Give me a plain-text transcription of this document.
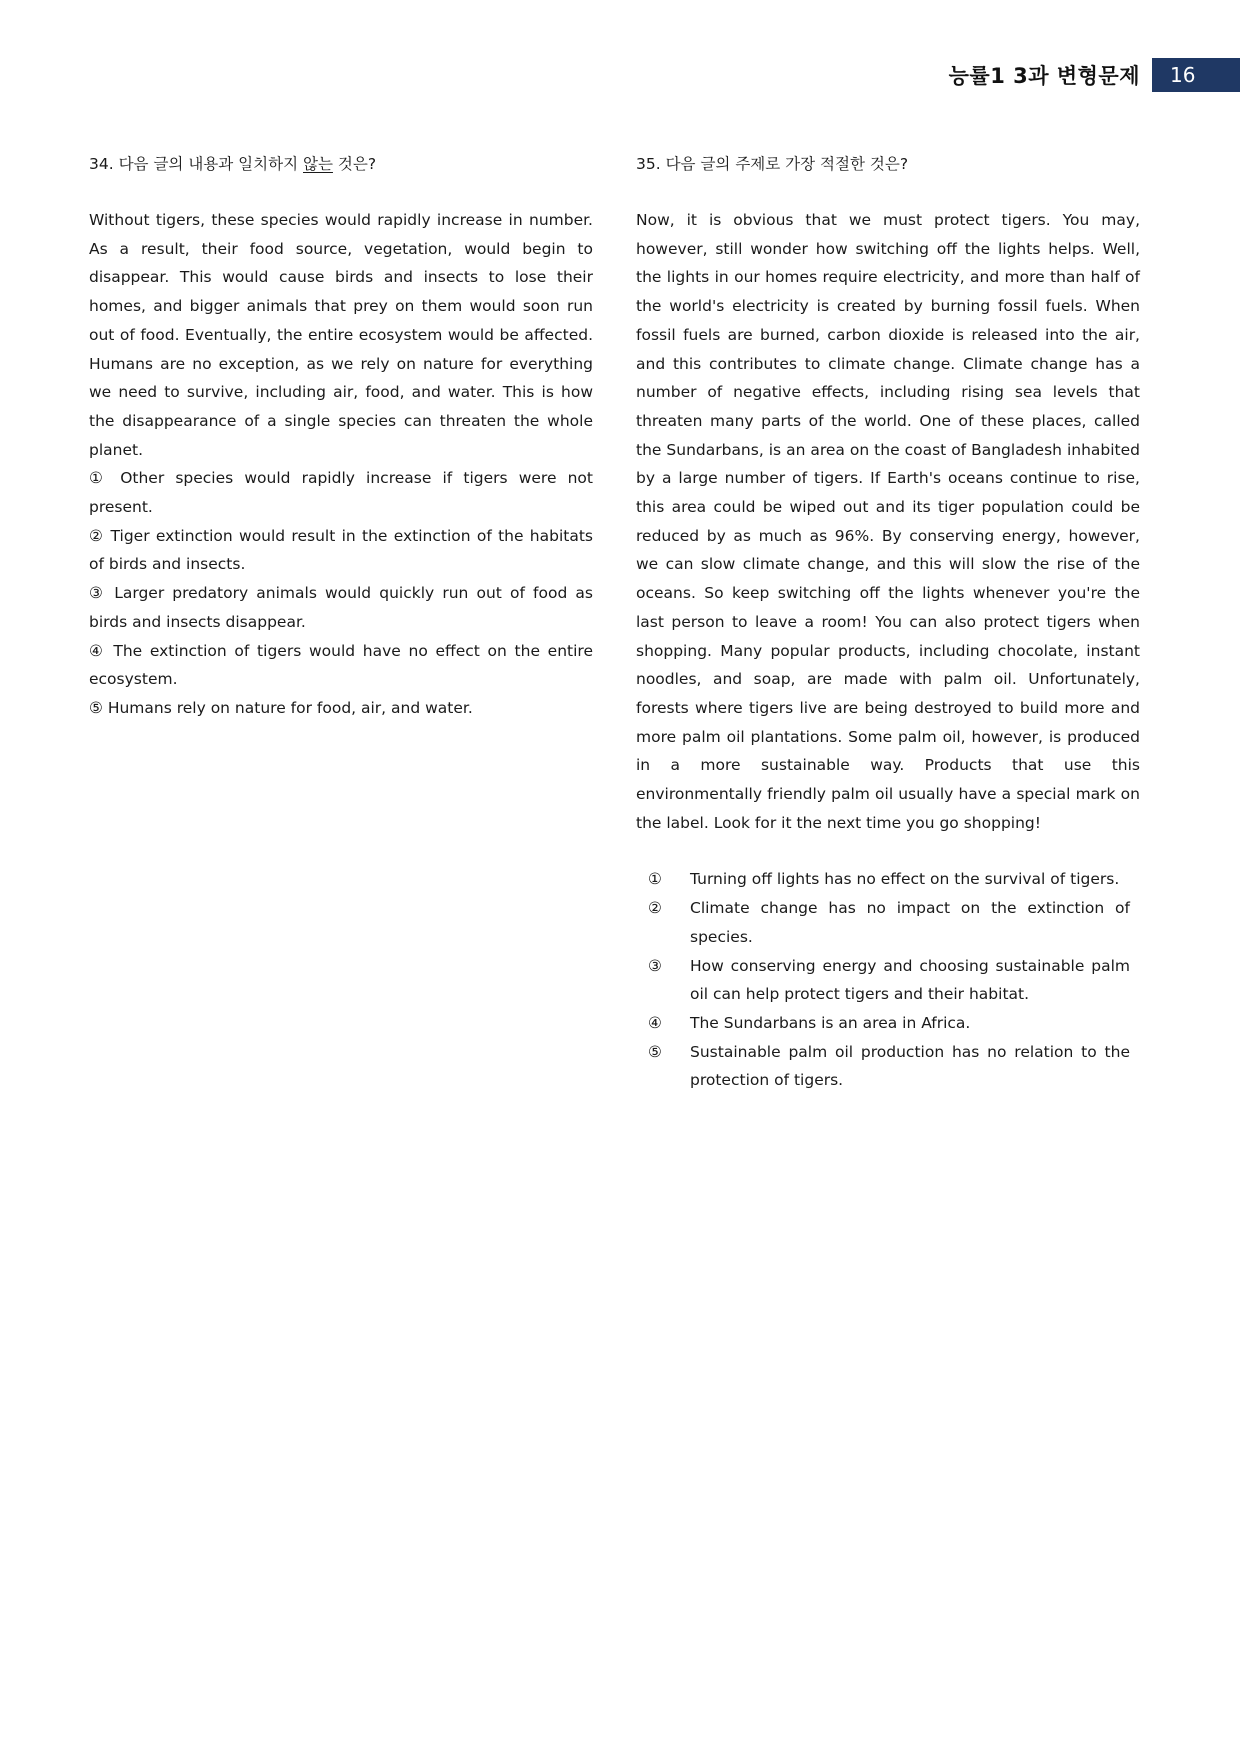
능률1 3과 변형문제	16

34. 다음 글의 내용과 일치하지 않는 것은?

Without tigers, these species would rapidly increase in number. As a result, their food source, vegetation, would begin to disappear. This would cause birds and insects to lose their homes, and bigger animals that prey on them would soon run out of food. Eventually, the entire ecosystem would be affected. Humans are no exception, as we rely on nature for everything we need to survive, including air, food, and water. This is how the disappearance of a single species can threaten the whole planet.

① Other species would rapidly increase if tigers were not present.
② Tiger extinction would result in the extinction of the habitats of birds and insects.
③ Larger predatory animals would quickly run out of food as birds and insects disappear.
④ The extinction of tigers would have no effect on the entire ecosystem.
⑤ Humans rely on nature for food, air, and water.

35. 다음 글의 주제로 가장 적절한 것은?

Now, it is obvious that we must protect tigers. You may, however, still wonder how switching off the lights helps. Well, the lights in our homes require electricity, and more than half of the world's electricity is created by burning fossil fuels. When fossil fuels are burned, carbon dioxide is released into the air, and this contributes to climate change. Climate change has a number of negative effects, including rising sea levels that threaten many parts of the world. One of these places, called the Sundarbans, is an area on the coast of Bangladesh inhabited by a large number of tigers. If Earth's oceans continue to rise, this area could be wiped out and its tiger population could be reduced by as much as 96%. By conserving energy, however, we can slow climate change, and this will slow the rise of the oceans. So keep switching off the lights whenever you're the last person to leave a room! You can also protect tigers when shopping. Many popular products, including chocolate, instant noodles, and soap, are made with palm oil. Unfortunately, forests where tigers live are being destroyed to build more and more palm oil plantations. Some palm oil, however, is produced in a more sustainable way. Products that use this environmentally friendly palm oil usually have a special mark on the label. Look for it the next time you go shopping!

①	Turning off lights has no effect on the survival of tigers.
②	Climate change has no impact on the extinction of species.
③	How conserving energy and choosing sustainable palm oil can help protect tigers and their habitat.
④	The Sundarbans is an area in Africa.
⑤	Sustainable palm oil production has no relation to the protection of tigers.
